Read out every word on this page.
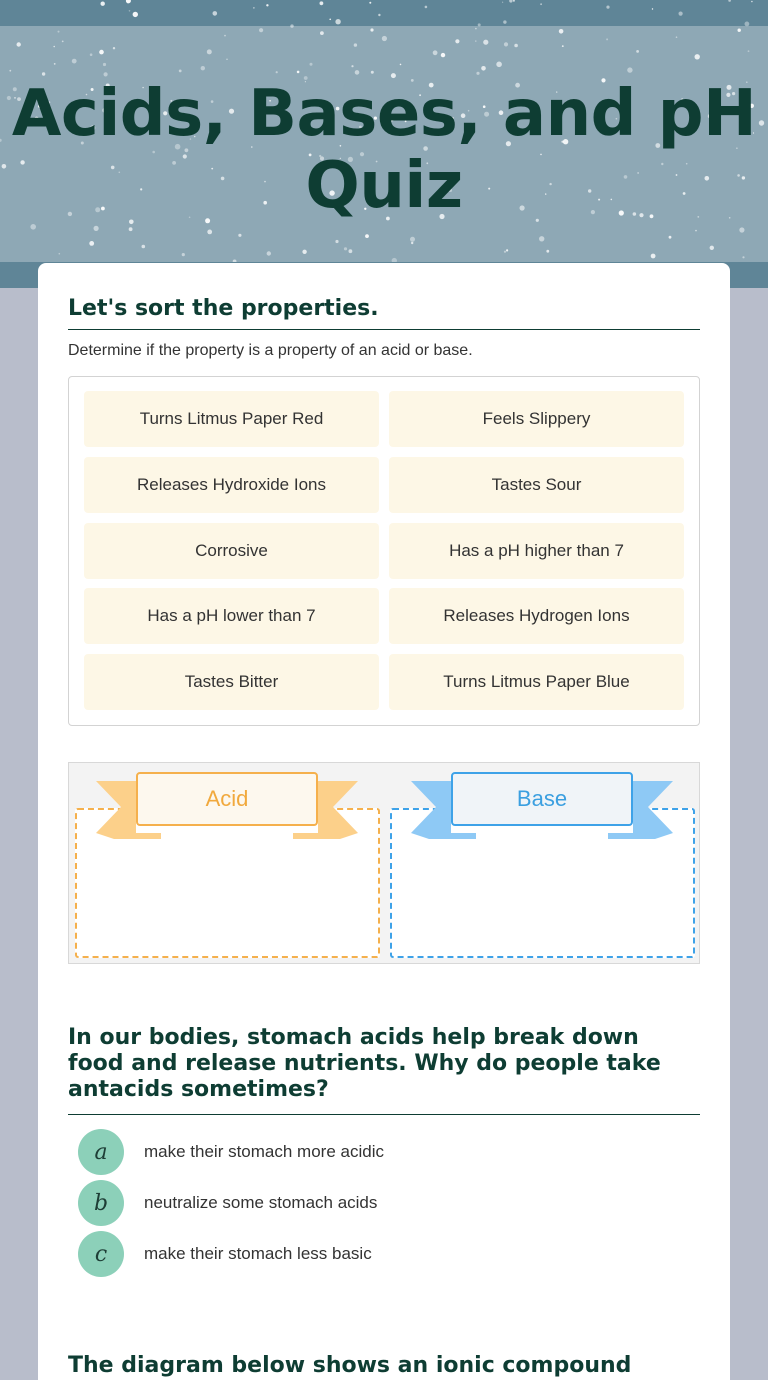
Acids, Bases, and pH Quiz
Let's sort the properties.

Determine if the property is a property of an acid or base.

Turns Litmus Paper Red	Feels Slippery
Releases Hydroxide Ions	Tastes Sour
Corrosive	Has a pH higher than 7
Has a pH lower than 7	Releases Hydrogen Ions
Tastes Bitter	Turns Litmus Paper Blue
Acid	Base
In our bodies, stomach acids help break down food and release nutrients. Why do people take antacids sometimes?
a	make their stomach more acidic
b	neutralize some stomach acids
c	make their stomach less basic
The diagram below shows an ionic compound
